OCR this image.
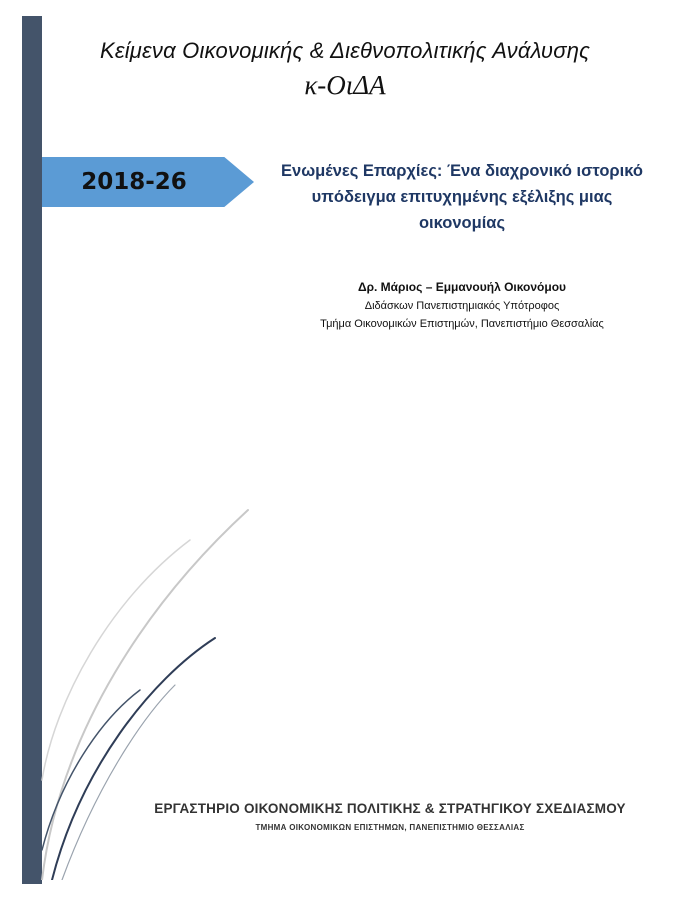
Κείμενα Οικονομικής & Διεθνοπολιτικής Ανάλυσης
κ-ΟιΔΑ
2018-26	Ενωμένες Επαρχίες: Ένα διαχρονικό ιστορικό
υπόδειγμα επιτυχημένης εξέλιξης μιας
οικονομίας
Δρ. Μάριος – Εμμανουήλ Οικονόμου
Διδάσκων Πανεπιστημιακός Υπότροφος
Τμήμα Οικονομικών Επιστημών, Πανεπιστήμιο Θεσσαλίας
ΕΡΓΑΣΤΗΡΙΟ ΟΙΚΟΝΟΜΙΚΗΣ ΠΟΛΙΤΙΚΗΣ & ΣΤΡΑΤΗΓΙΚΟΥ ΣΧΕΔΙΑΣΜΟΥ
ΤΜΗΜΑ ΟΙΚΟΝΟΜΙΚΩΝ ΕΠΙΣΤΗΜΩΝ, ΠΑΝΕΠΙΣΤΗΜΙΟ ΘΕΣΣΑΛΙΑΣ
